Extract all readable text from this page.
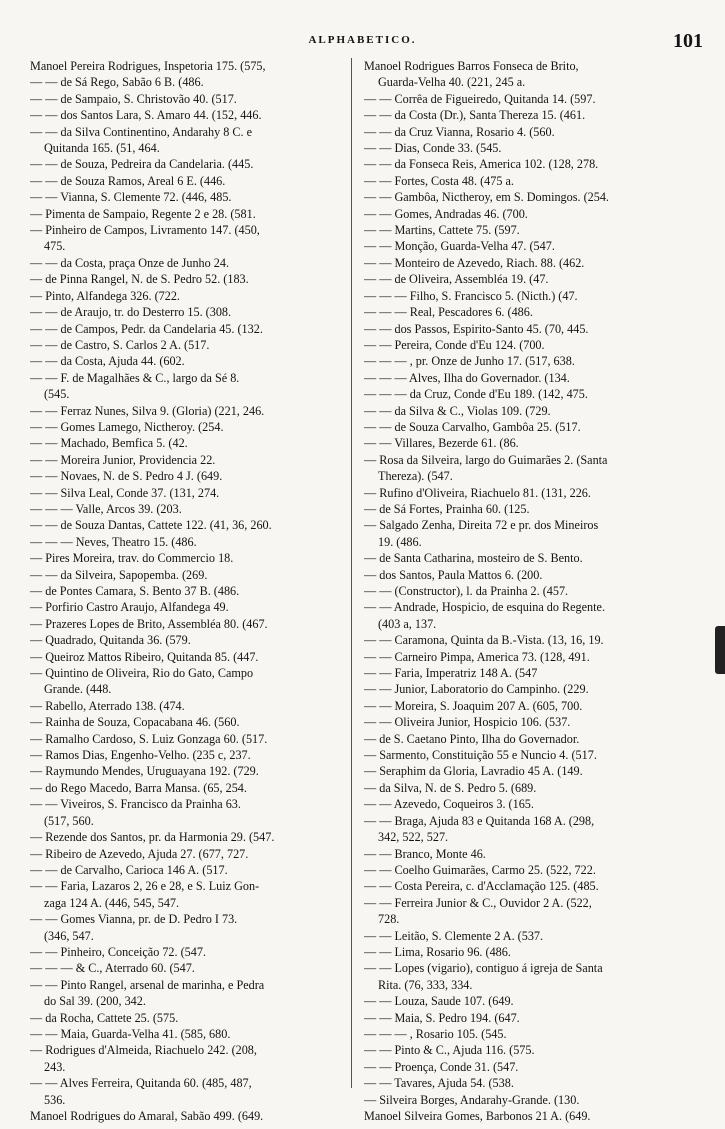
ALPHABETICO.	101
Manoel Pereira Rodrigues, Inspetoria 175. (575,
— — de Sá Rego, Sabão 6 B. (486.
— — de Sampaio, S. Christovão 40. (517.
— — dos Santos Lara, S. Amaro 44. (152, 446.
— — da Silva Continentino, Andarahy 8 C. e
Quitanda 165. (51, 464.
— — de Souza, Pedreira da Candelaria. (445.
— — de Souza Ramos, Areal 6 E. (446.
— — Vianna, S. Clemente 72. (446, 485.
— Pimenta de Sampaio, Regente 2 e 28. (581.
— Pinheiro de Campos, Livramento 147. (450,
475.
— — da Costa, praça Onze de Junho 24.
— de Pinna Rangel, N. de S. Pedro 52. (183.
— Pinto, Alfandega 326. (722.
— — de Araujo, tr. do Desterro 15. (308.
— — de Campos, Pedr. da Candelaria 45. (132.
— — de Castro, S. Carlos 2 A. (517.
— — da Costa, Ajuda 44. (602.
— — F. de Magalhães & C., largo da Sé 8.
(545.
— — Ferraz Nunes, Silva 9. (Gloria) (221, 246.
— — Gomes Lamego, Nictheroy. (254.
— — Machado, Bemfica 5. (42.
— — Moreira Junior, Providencia 22.
— — Novaes, N. de S. Pedro 4 J. (649.
— — Silva Leal, Conde 37. (131, 274.
— — — Valle, Arcos 39. (203.
— — de Souza Dantas, Cattete 122. (41, 36, 260.
— — — Neves, Theatro 15. (486.
— Pires Moreira, trav. do Commercio 18.
— — da Silveira, Sapopemba. (269.
— de Pontes Camara, S. Bento 37 B. (486.
— Porfirio Castro Araujo, Alfandega 49.
— Prazeres Lopes de Brito, Assembléa 80. (467.
— Quadrado, Quitanda 36. (579.
— Queiroz Mattos Ribeiro, Quitanda 85. (447.
— Quintino de Oliveira, Rio do Gato, Campo
Grande. (448.
— Rabello, Aterrado 138. (474.
— Rainha de Souza, Copacabana 46. (560.
— Ramalho Cardoso, S. Luiz Gonzaga 60. (517.
— Ramos Dias, Engenho-Velho. (235 c, 237.
— Raymundo Mendes, Uruguayana 192. (729.
— do Rego Macedo, Barra Mansa. (65, 254.
— — Viveiros, S. Francisco da Prainha 63.
(517, 560.
— Rezende dos Santos, pr. da Harmonia 29. (547.
— Ribeiro de Azevedo, Ajuda 27. (677, 727.
— — de Carvalho, Carioca 146 A. (517.
— — Faria, Lazaros 2, 26 e 28, e S. Luiz Gon-
zaga 124 A. (446, 545, 547.
— — Gomes Vianna, pr. de D. Pedro I 73.
(346, 547.
— — Pinheiro, Conceição 72. (547.
— — — & C., Aterrado 60. (547.
— — Pinto Rangel, arsenal de marinha, e Pedra
do Sal 39. (200, 342.
— da Rocha, Cattete 25. (575.
— — Maia, Guarda-Velha 41. (585, 680.
— Rodrigues d'Almeida, Riachuelo 242. (208,
243.
— — Alves Ferreira, Quitanda 60. (485, 487,
536.
Manoel Rodrigues do Amaral, Sabão 499. (649.
Manoel Rodrigues Barros Fonseca de Brito,
Guarda-Velha 40. (221, 245 a.
— — Corrêa de Figueiredo, Quitanda 14. (597.
— — da Costa (Dr.), Santa Thereza 15. (461.
— — da Cruz Vianna, Rosario 4. (560.
— — Dias, Conde 33. (545.
— — da Fonseca Reis, America 102. (128, 278.
— — Fortes, Costa 48. (475 a.
— — Gambôa, Nictheroy, em S. Domingos. (254.
— — Gomes, Andradas 46. (700.
— — Martins, Cattete 75. (597.
— — Monção, Guarda-Velha 47. (547.
— — Monteiro de Azevedo, Riach. 88. (462.
— — de Oliveira, Assembléa 19. (47.
— — — Filho, S. Francisco 5. (Nicth.) (47.
— — — Real, Pescadores 6. (486.
— — dos Passos, Espirito-Santo 45. (70, 445.
— — Pereira, Conde d'Eu 124. (700.
— — — , pr. Onze de Junho 17. (517, 638.
— — — Alves, Ilha do Governador. (134.
— — — da Cruz, Conde d'Eu 189. (142, 475.
— — da Silva & C., Violas 109. (729.
— — de Souza Carvalho, Gambôa 25. (517.
— — Villares, Bezerde 61. (86.
— Rosa da Silveira, largo do Guimarães 2. (Santa
Thereza). (547.
— Rufino d'Oliveira, Riachuelo 81. (131, 226.
— de Sá Fortes, Prainha 60. (125.
— Salgado Zenha, Direita 72 e pr. dos Mineiros
19. (486.
— de Santa Catharina, mosteiro de S. Bento.
— dos Santos, Paula Mattos 6. (200.
— — (Constructor), l. da Prainha 2. (457.
— — Andrade, Hospicio, de esquina do Regente.
(403 a, 137.
— — Caramona, Quinta da B.-Vista. (13, 16, 19.
— — Carneiro Pimpa, America 73. (128, 491.
— — Faria, Imperatriz 148 A. (547
— — Junior, Laboratorio do Campinho. (229.
— — Moreira, S. Joaquim 207 A. (605, 700.
— — Oliveira Junior, Hospicio 106. (537.
— de S. Caetano Pinto, Ilha do Governador.
— Sarmento, Constituição 55 e Nuncio 4. (517.
— Seraphim da Gloria, Lavradio 45 A. (149.
— da Silva, N. de S. Pedro 5. (689.
— — Azevedo, Coqueiros 3. (165.
— — Braga, Ajuda 83 e Quitanda 168 A. (298,
342, 522, 527.
— — Branco, Monte 46.
— — Coelho Guimarães, Carmo 25. (522, 722.
— — Costa Pereira, c. d'Acclamação 125. (485.
— — Ferreira Junior & C., Ouvidor 2 A. (522,
728.
— — Leitão, S. Clemente 2 A. (537.
— — Lima, Rosario 96. (486.
— — Lopes (vigario), contiguo á igreja de Santa
Rita. (76, 333, 334.
— — Louza, Saude 107. (649.
— — Maia, S. Pedro 194. (647.
— — — , Rosario 105. (545.
— — Pinto & C., Ajuda 116. (575.
— — Proença, Conde 31. (547.
— — Tavares, Ajuda 54. (538.
— Silveira Borges, Andarahy-Grande. (130.
Manoel Silveira Gomes, Barbonos 21 A. (649.
